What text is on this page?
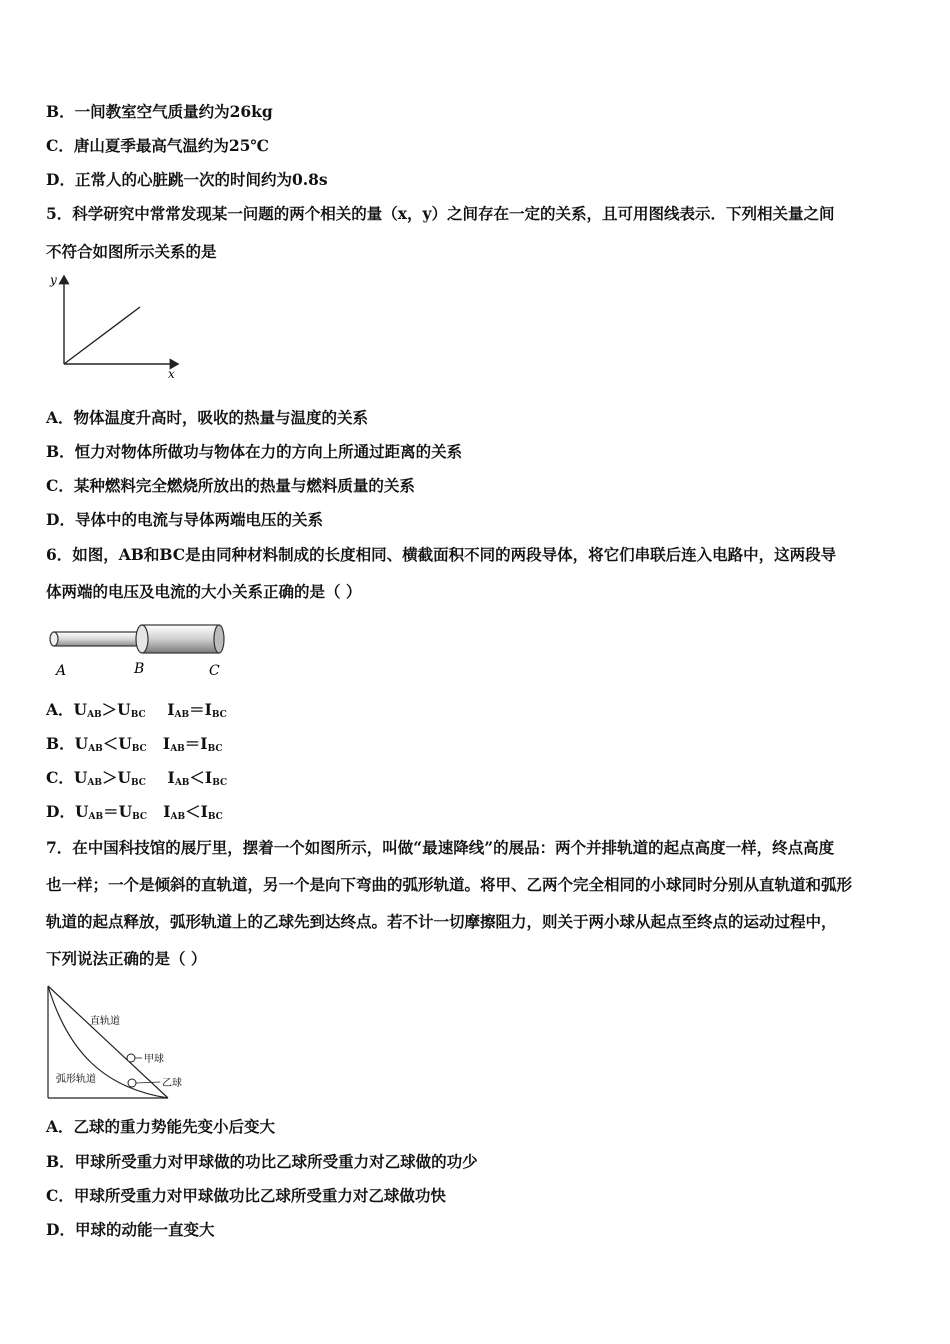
B．一间教室空气质量约为26kg
C．唐山夏季最高气温约为25℃
D．正常人的心脏跳一次的时间约为0.8s
5．科学研究中常常发现某一问题的两个相关的量（x，y）之间存在一定的关系，且可用图线表示．下列相关量之间
不符合如图所示关系的是
y
x
A．物体温度升高时，吸收的热量与温度的关系
B．恒力对物体所做功与物体在力的方向上所通过距离的关系
C．某种燃料完全燃烧所放出的热量与燃料质量的关系
D．导体中的电流与导体两端电压的关系
6．如图，AB和BC是由同种材料制成的长度相同、横截面积不同的两段导体，将它们串联后连入电路中，这两段导
体两端的电压及电流的大小关系正确的是（ ）
A	B	C
A．$U_{AB}>U_{BC}$ $I_{AB}=I_{BC}$
B．$U_{AB}<U_{BC}$ $I_{AB}=I_{BC}$
C．$U_{AB}>U_{BC}$ $I_{AB}<I_{BC}$
D．$U_{AB}=U_{BC}$ $I_{AB}<I_{BC}$
7．在中国科技馆的展厅里，摆着一个如图所示，叫做“最速降线”的展品：两个并排轨道的起点高度一样，终点高度
也一样；一个是倾斜的直轨道，另一个是向下弯曲的弧形轨道。将甲、乙两个完全相同的小球同时分别从直轨道和弧形
轨道的起点释放，弧形轨道上的乙球先到达终点。若不计一切摩擦阻力，则关于两小球从起点至终点的运动过程中，
下列说法正确的是（ ）
直轨道
甲球
弧形轨道	乙球
A．乙球的重力势能先变小后变大
B．甲球所受重力对甲球做的功比乙球所受重力对乙球做的功少
C．甲球所受重力对甲球做功比乙球所受重力对乙球做功快
D．甲球的动能一直变大
